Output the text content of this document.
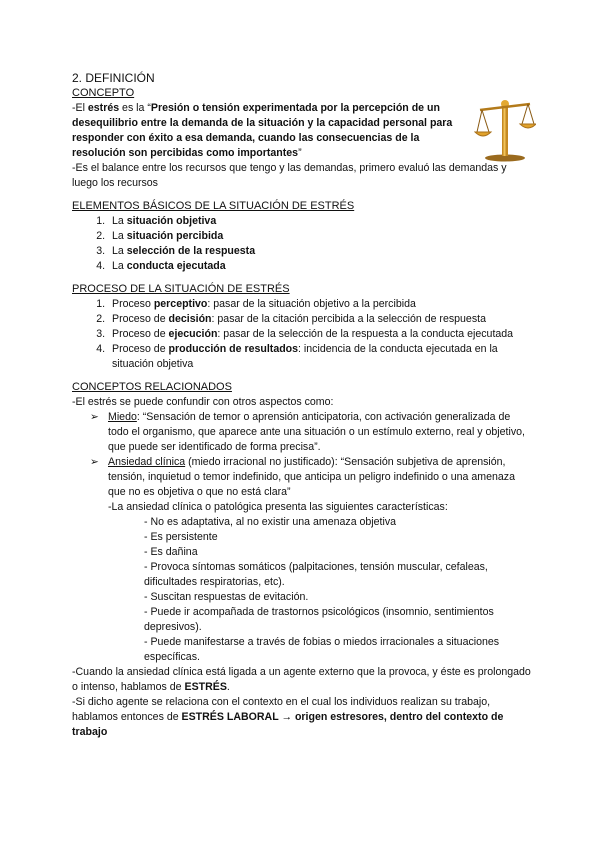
2. DEFINICIÓN

CONCEPTO

-El estrés es la “Presión o tensión experimentada por la percepción de un desequilibrio entre la demanda de la situación y la capacidad personal para responder con éxito a esa demanda, cuando las consecuencias de la resolución son percibidas como importantes”

-Es el balance entre los recursos que tengo y las demandas, primero evaluó las demandas y luego los recursos

ELEMENTOS BÁSICOS DE LA SITUACIÓN DE ESTRÉS

1. La situación objetiva
2. La situación percibida
3. La selección de la respuesta
4. La conducta ejecutada

PROCESO DE LA SITUACIÓN DE ESTRÉS

1. Proceso perceptivo: pasar de la situación objetivo a la percibida
2. Proceso de decisión: pasar de la citación percibida a la selección de respuesta
3. Proceso de ejecución: pasar de la selección de la respuesta a la conducta ejecutada
4. Proceso de producción de resultados: incidencia de la conducta ejecutada en la situación objetiva

CONCEPTOS RELACIONADOS

-El estrés se puede confundir con otros aspectos como:

➢ Miedo: “Sensación de temor o aprensión anticipatoria, con activación generalizada de todo el organismo, que aparece ante una situación o un estímulo externo, real y objetivo, que puede ser identificado de forma precisa”.
➢ Ansiedad clínica (miedo irracional no justificado): “Sensación subjetiva de aprensión, tensión, inquietud o temor indefinido, que anticipa un peligro indefinido o una amenaza que no es objetiva o que no está clara”

-La ansiedad clínica o patológica presenta las siguientes características:

- No es adaptativa, al no existir una amenaza objetiva
- Es persistente
- Es dañina
- Provoca síntomas somáticos (palpitaciones, tensión muscular, cefaleas, dificultades respiratorias, etc).
- Suscitan respuestas de evitación.
- Puede ir acompañada de trastornos psicológicos (insomnio, sentimientos depresivos).
- Puede manifestarse a través de fobias o miedos irracionales a situaciones específicas.

-Cuando la ansiedad clínica está ligada a un agente externo que la provoca, y éste es prolongado o intenso, hablamos de ESTRÉS.

-Si dicho agente se relaciona con el contexto en el cual los individuos realizan su trabajo, hablamos entonces de ESTRÉS LABORAL → origen estresores, dentro del contexto de trabajo
